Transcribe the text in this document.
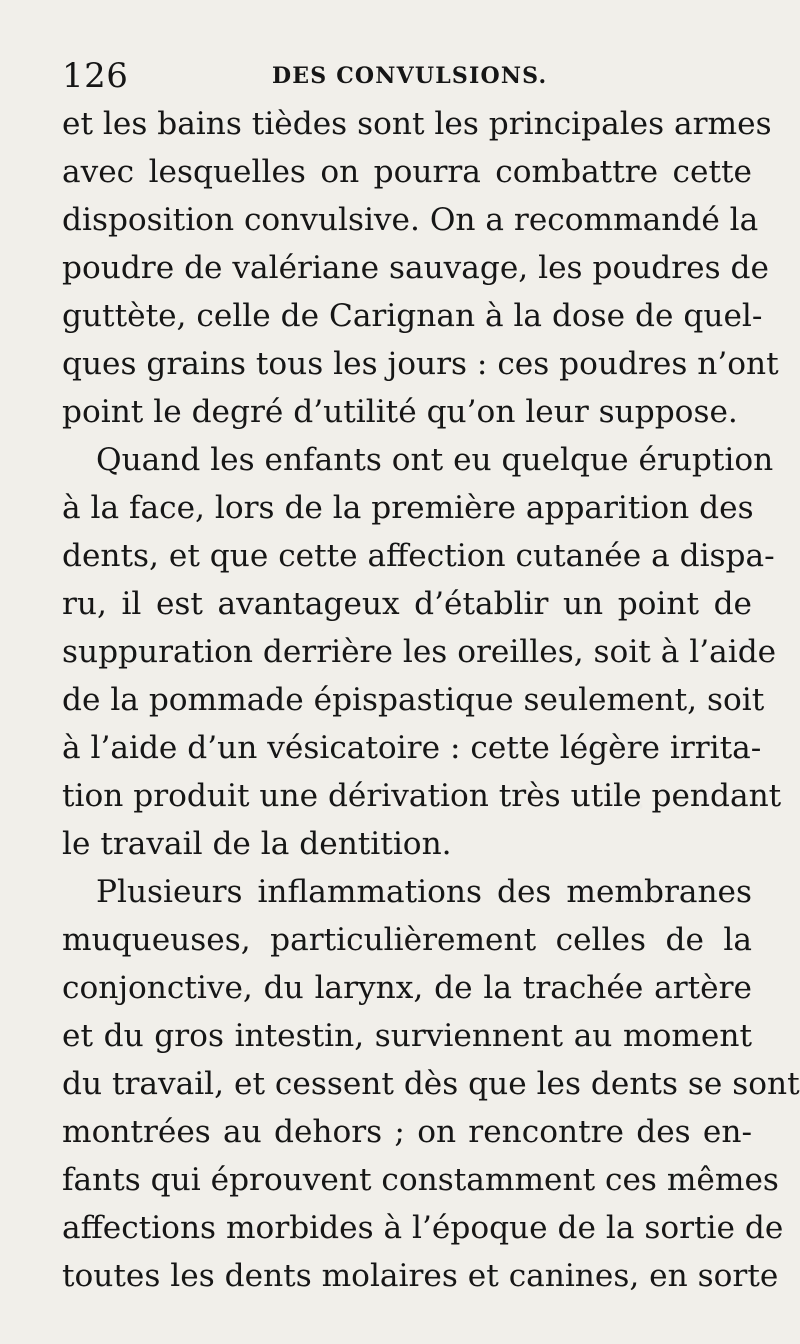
126	DES CONVULSIONS.
et les bains tièdes sont les principales armes
avec lesquelles on pourra combattre cette
disposition convulsive. On a recommandé la
poudre de valériane sauvage, les poudres de
guttète, celle de Carignan à la dose de quel-
ques grains tous les jours : ces poudres n’ont
point le degré d’utilité qu’on leur suppose.
Quand les enfants ont eu quelque éruption
à la face, lors de la première apparition des
dents, et que cette affection cutanée a dispa-
ru, il est avantageux d’établir un point de
suppuration derrière les oreilles, soit à l’aide
de la pommade épispastique seulement, soit
à l’aide d’un vésicatoire : cette légère irrita-
tion produit une dérivation très utile pendant
le travail de la dentition.
Plusieurs inflammations des membranes
muqueuses, particulièrement celles de la
conjonctive, du larynx, de la trachée artère
et du gros intestin, surviennent au moment
du travail, et cessent dès que les dents se sont
montrées au dehors ; on rencontre des en-
fants qui éprouvent constamment ces mêmes
affections morbides à l’époque de la sortie de
toutes les dents molaires et canines, en sorte
